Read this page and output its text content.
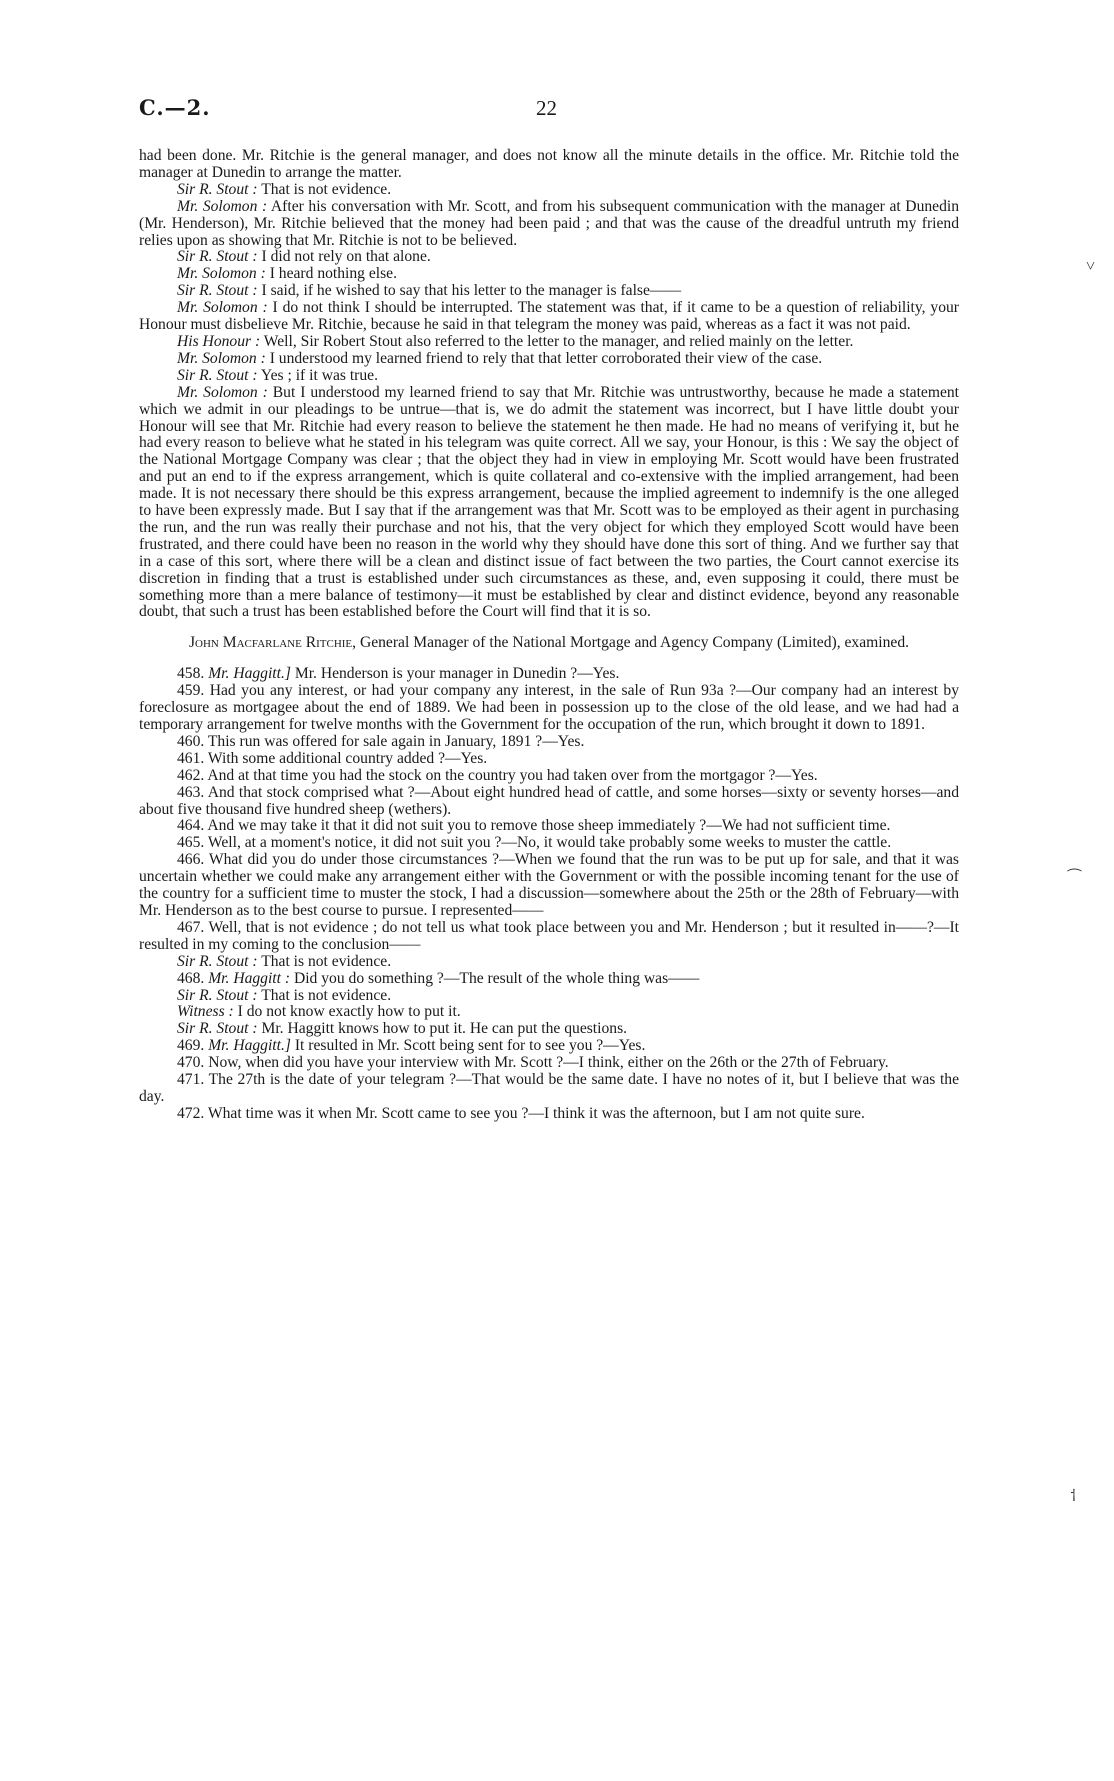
C.—2.	22

had been done. Mr. Ritchie is the general manager, and does not know all the minute details in the office. Mr. Ritchie told the manager at Dunedin to arrange the matter.

Sir R. Stout : That is not evidence.

Mr. Solomon : After his conversation with Mr. Scott, and from his subsequent communication with the manager at Dunedin (Mr. Henderson), Mr. Ritchie believed that the money had been paid ; and that was the cause of the dreadful untruth my friend relies upon as showing that Mr. Ritchie is not to be believed.

Sir R. Stout : I did not rely on that alone.

Mr. Solomon : I heard nothing else.

Sir R. Stout : I said, if he wished to say that his letter to the manager is false——

Mr. Solomon : I do not think I should be interrupted. The statement was that, if it came to be a question of reliability, your Honour must disbelieve Mr. Ritchie, because he said in that telegram the money was paid, whereas as a fact it was not paid.

His Honour : Well, Sir Robert Stout also referred to the letter to the manager, and relied mainly on the letter.

Mr. Solomon : I understood my learned friend to rely that that letter corroborated their view of the case.

Sir R. Stout : Yes ; if it was true.

Mr. Solomon : But I understood my learned friend to say that Mr. Ritchie was untrustworthy, because he made a statement which we admit in our pleadings to be untrue—that is, we do admit the statement was incorrect, but I have little doubt your Honour will see that Mr. Ritchie had every reason to believe the statement he then made. He had no means of verifying it, but he had every reason to believe what he stated in his telegram was quite correct. All we say, your Honour, is this : We say the object of the National Mortgage Company was clear ; that the object they had in view in employing Mr. Scott would have been frustrated and put an end to if the express arrangement, which is quite collateral and co-extensive with the implied arrangement, had been made. It is not necessary there should be this express arrangement, because the implied agreement to indemnify is the one alleged to have been expressly made. But I say that if the arrangement was that Mr. Scott was to be employed as their agent in purchasing the run, and the run was really their purchase and not his, that the very object for which they employed Scott would have been frustrated, and there could have been no reason in the world why they should have done this sort of thing. And we further say that in a case of this sort, where there will be a clean and distinct issue of fact between the two parties, the Court cannot exercise its discretion in finding that a trust is established under such circumstances as these, and, even supposing it could, there must be something more than a mere balance of testimony—it must be established by clear and distinct evidence, beyond any reasonable doubt, that such a trust has been established before the Court will find that it is so.

John Macfarlane Ritchie, General Manager of the National Mortgage and Agency Company (Limited), examined.

458. Mr. Haggitt.] Mr. Henderson is your manager in Dunedin ?—Yes.

459. Had you any interest, or had your company any interest, in the sale of Run 93a ?—Our company had an interest by foreclosure as mortgagee about the end of 1889. We had been in possession up to the close of the old lease, and we had had a temporary arrangement for twelve months with the Government for the occupation of the run, which brought it down to 1891.

460. This run was offered for sale again in January, 1891 ?—Yes.

461. With some additional country added ?—Yes.

462. And at that time you had the stock on the country you had taken over from the mortgagor ?—Yes.

463. And that stock comprised what ?—About eight hundred head of cattle, and some horses—sixty or seventy horses—and about five thousand five hundred sheep (wethers).

464. And we may take it that it did not suit you to remove those sheep immediately ?—We had not sufficient time.

465. Well, at a moment's notice, it did not suit you ?—No, it would take probably some weeks to muster the cattle.

466. What did you do under those circumstances ?—When we found that the run was to be put up for sale, and that it was uncertain whether we could make any arrangement either with the Government or with the possible incoming tenant for the use of the country for a sufficient time to muster the stock, I had a discussion—somewhere about the 25th or the 28th of February—with Mr. Henderson as to the best course to pursue. I represented——

467. Well, that is not evidence ; do not tell us what took place between you and Mr. Henderson ; but it resulted in——?—It resulted in my coming to the conclusion——

Sir R. Stout : That is not evidence.

468. Mr. Haggitt : Did you do something ?—The result of the whole thing was——

Sir R. Stout : That is not evidence.

Witness : I do not know exactly how to put it.

Sir R. Stout : Mr. Haggitt knows how to put it. He can put the questions.

469. Mr. Haggitt.] It resulted in Mr. Scott being sent for to see you ?—Yes.

470. Now, when did you have your interview with Mr. Scott ?—I think, either on the 26th or the 27th of February.

471. The 27th is the date of your telegram ?—That would be the same date. I have no notes of it, but I believe that was the day.

472. What time was it when Mr. Scott came to see you ?—I think it was the afternoon, but I am not quite sure.

˅
⁀
⸶
